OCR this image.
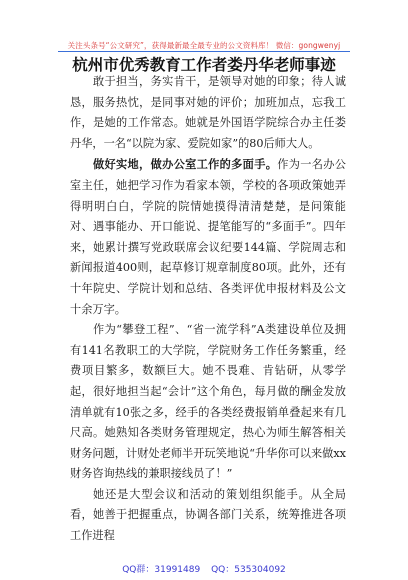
关注头条号“公文研究”，获得最新最全最专业的公文资料库！ 微信：gongwenyj
杭州市优秀教育工作者娄丹华老师事迹

敢于担当，务实肯干，是领导对她的印象；待人诚恳，服务热忱，是同事对她的评价；加班加点，忘我工作，是她的工作常态。她就是外国语学院综合办主任娄丹华，一名“以院为家、爱院如家”的80后师大人。

做好实地，做办公室工作的多面手。作为一名办公室主任，她把学习作为看家本领，学校的各项政策她弄得明明白白，学院的院情她摸得清清楚楚，是问策能对、遇事能办、开口能说、提笔能写的“多面手”。四年来，她累计撰写党政联席会议纪要144篇、学院周志和新闻报道400则，起草修订规章制度80项。此外，还有十年院史、学院计划和总结、各类评优申报材料及公文十余万字。

作为“攀登工程”、“省一流学科”A类建设单位及拥有141名教职工的大学院，学院财务工作任务繁重，经费项目繁多，数额巨大。她不畏难、肯钻研，从零学起，很好地担当起“会计”这个角色，每月做的酬金发放清单就有10张之多，经手的各类经费报销单叠起来有几尺高。她熟知各类财务管理规定，热心为师生解答相关财务问题，计财处老师半开玩笑地说“升华你可以来做xx财务咨询热线的兼职接线员了！”

她还是大型会议和活动的策划组织能手。从全局看，她善于把握重点，协调各部门关系，统筹推进各项工作进程

QQ群：31991489 QQ：535304092
